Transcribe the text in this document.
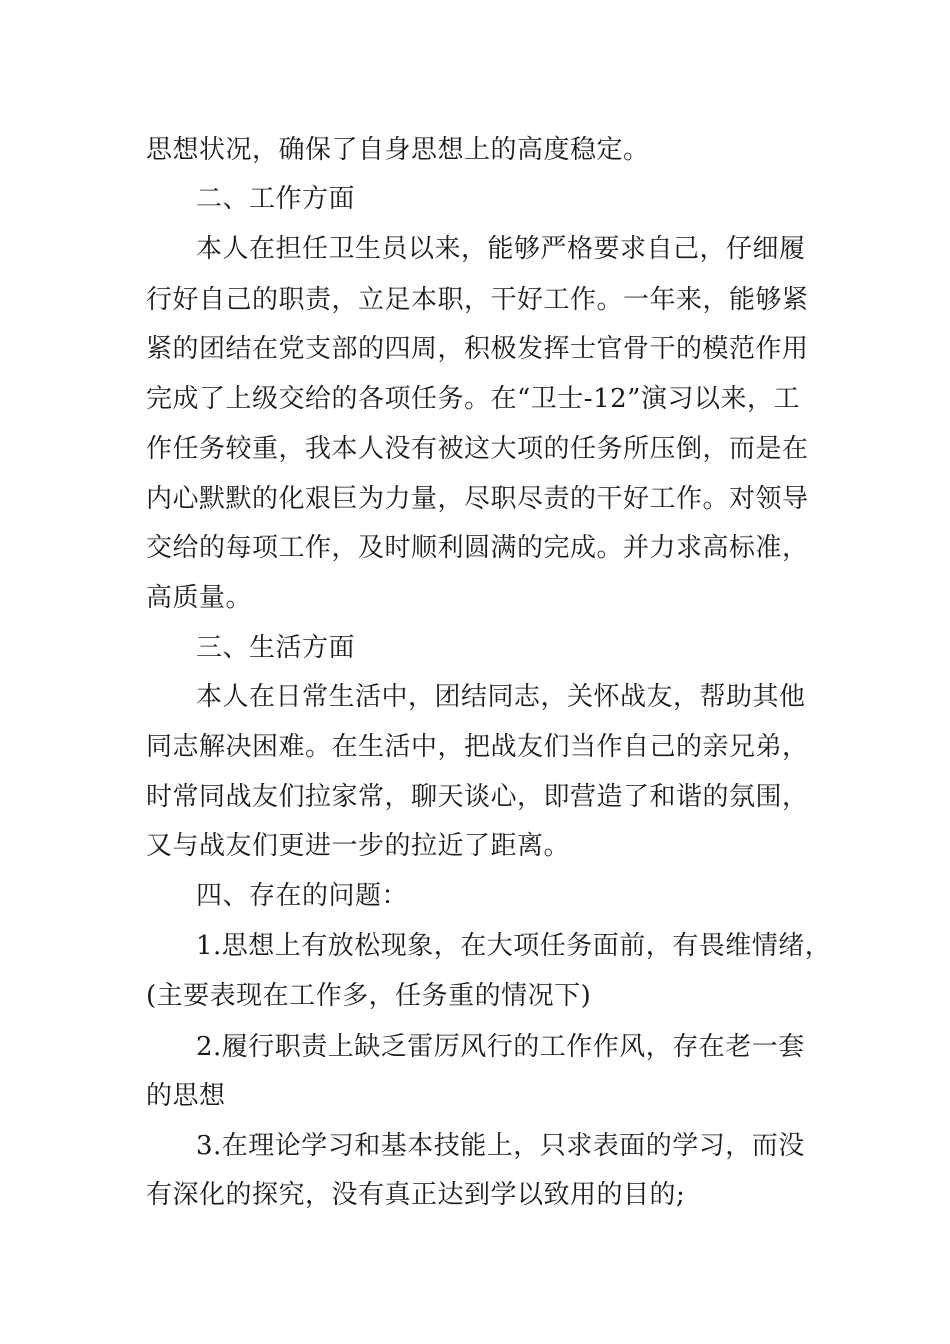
思想状况，确保了自身思想上的高度稳定。
二、工作方面
本人在担任卫生员以来，能够严格要求自己，仔细履
行好自己的职责，立足本职，干好工作。一年来，能够紧
紧的团结在党支部的四周，积极发挥士官骨干的模范作用
完成了上级交给的各项任务。在“卫士-12”演习以来，工
作任务较重，我本人没有被这大项的任务所压倒，而是在
内心默默的化艰巨为力量，尽职尽责的干好工作。对领导
交给的每项工作，及时顺利圆满的完成。并力求高标准，
高质量。
三、生活方面
本人在日常生活中，团结同志，关怀战友，帮助其他
同志解决困难。在生活中，把战友们当作自己的亲兄弟，
时常同战友们拉家常，聊天谈心，即营造了和谐的氛围，
又与战友们更进一步的拉近了距离。
四、存在的问题：
1.思想上有放松现象，在大项任务面前，有畏维情绪，
(主要表现在工作多，任务重的情况下)
2.履行职责上缺乏雷厉风行的工作作风，存在老一套
的思想
3.在理论学习和基本技能上，只求表面的学习，而没
有深化的探究，没有真正达到学以致用的目的;
